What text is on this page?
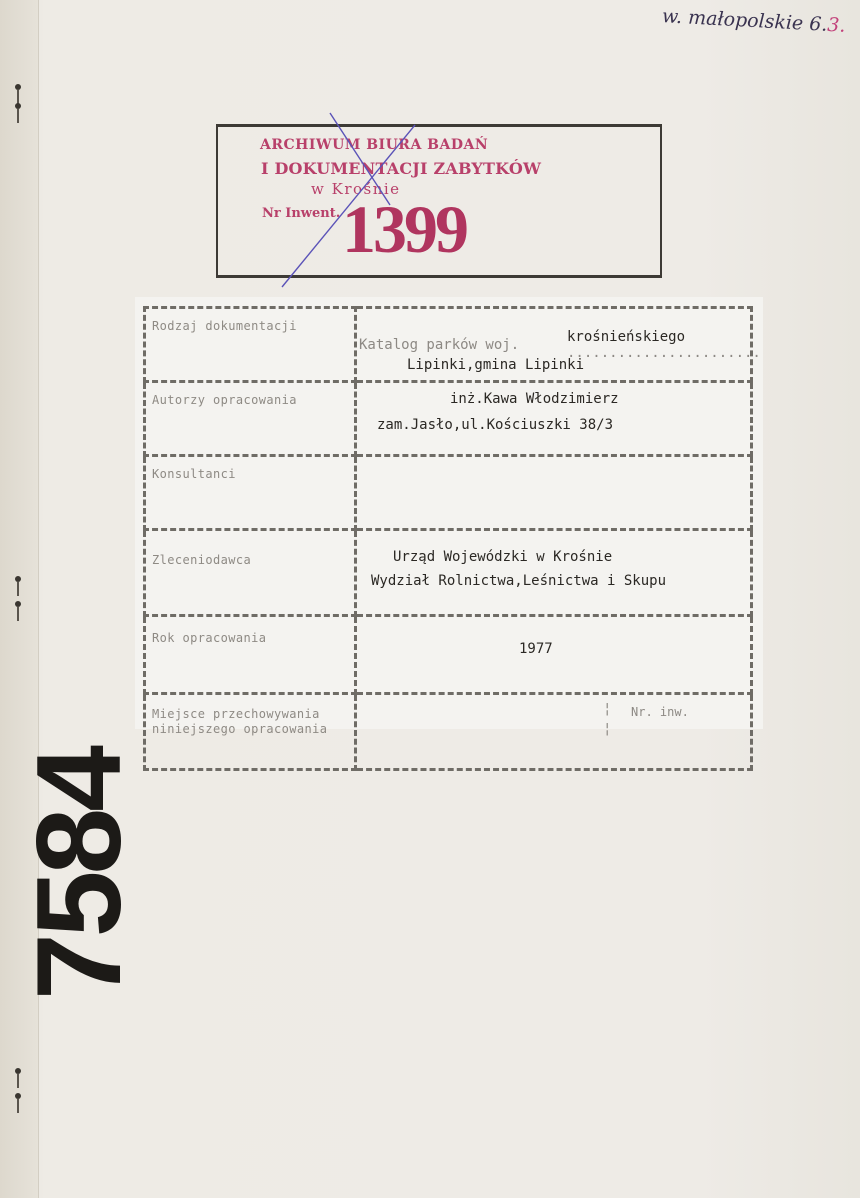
w. małopolskie 6.3.
ARCHIWUM BIURA BADAŃ
I DOKUMENTACJI ZABYTKÓW
w Krośnie
Nr Inwent. 1399
Rodzaj dokumentacji	Katalog parków woj. krośnieńskiego
.......................
Lipinki,gmina Lipinki

Autorzy opracowania	inż.Kawa Włodzimierz
zam.Jasło,ul.Kościuszki 38/3

Konsultanci	
Zleceniodawca	Urząd Wojewódzki w Krośnie
Wydział Rolnictwa,Leśnictwa i Skupu

Rok opracowania	1977

Miejsce przechowywania niniejszego opracowania	¦
¦
Nr. inw.
7584
